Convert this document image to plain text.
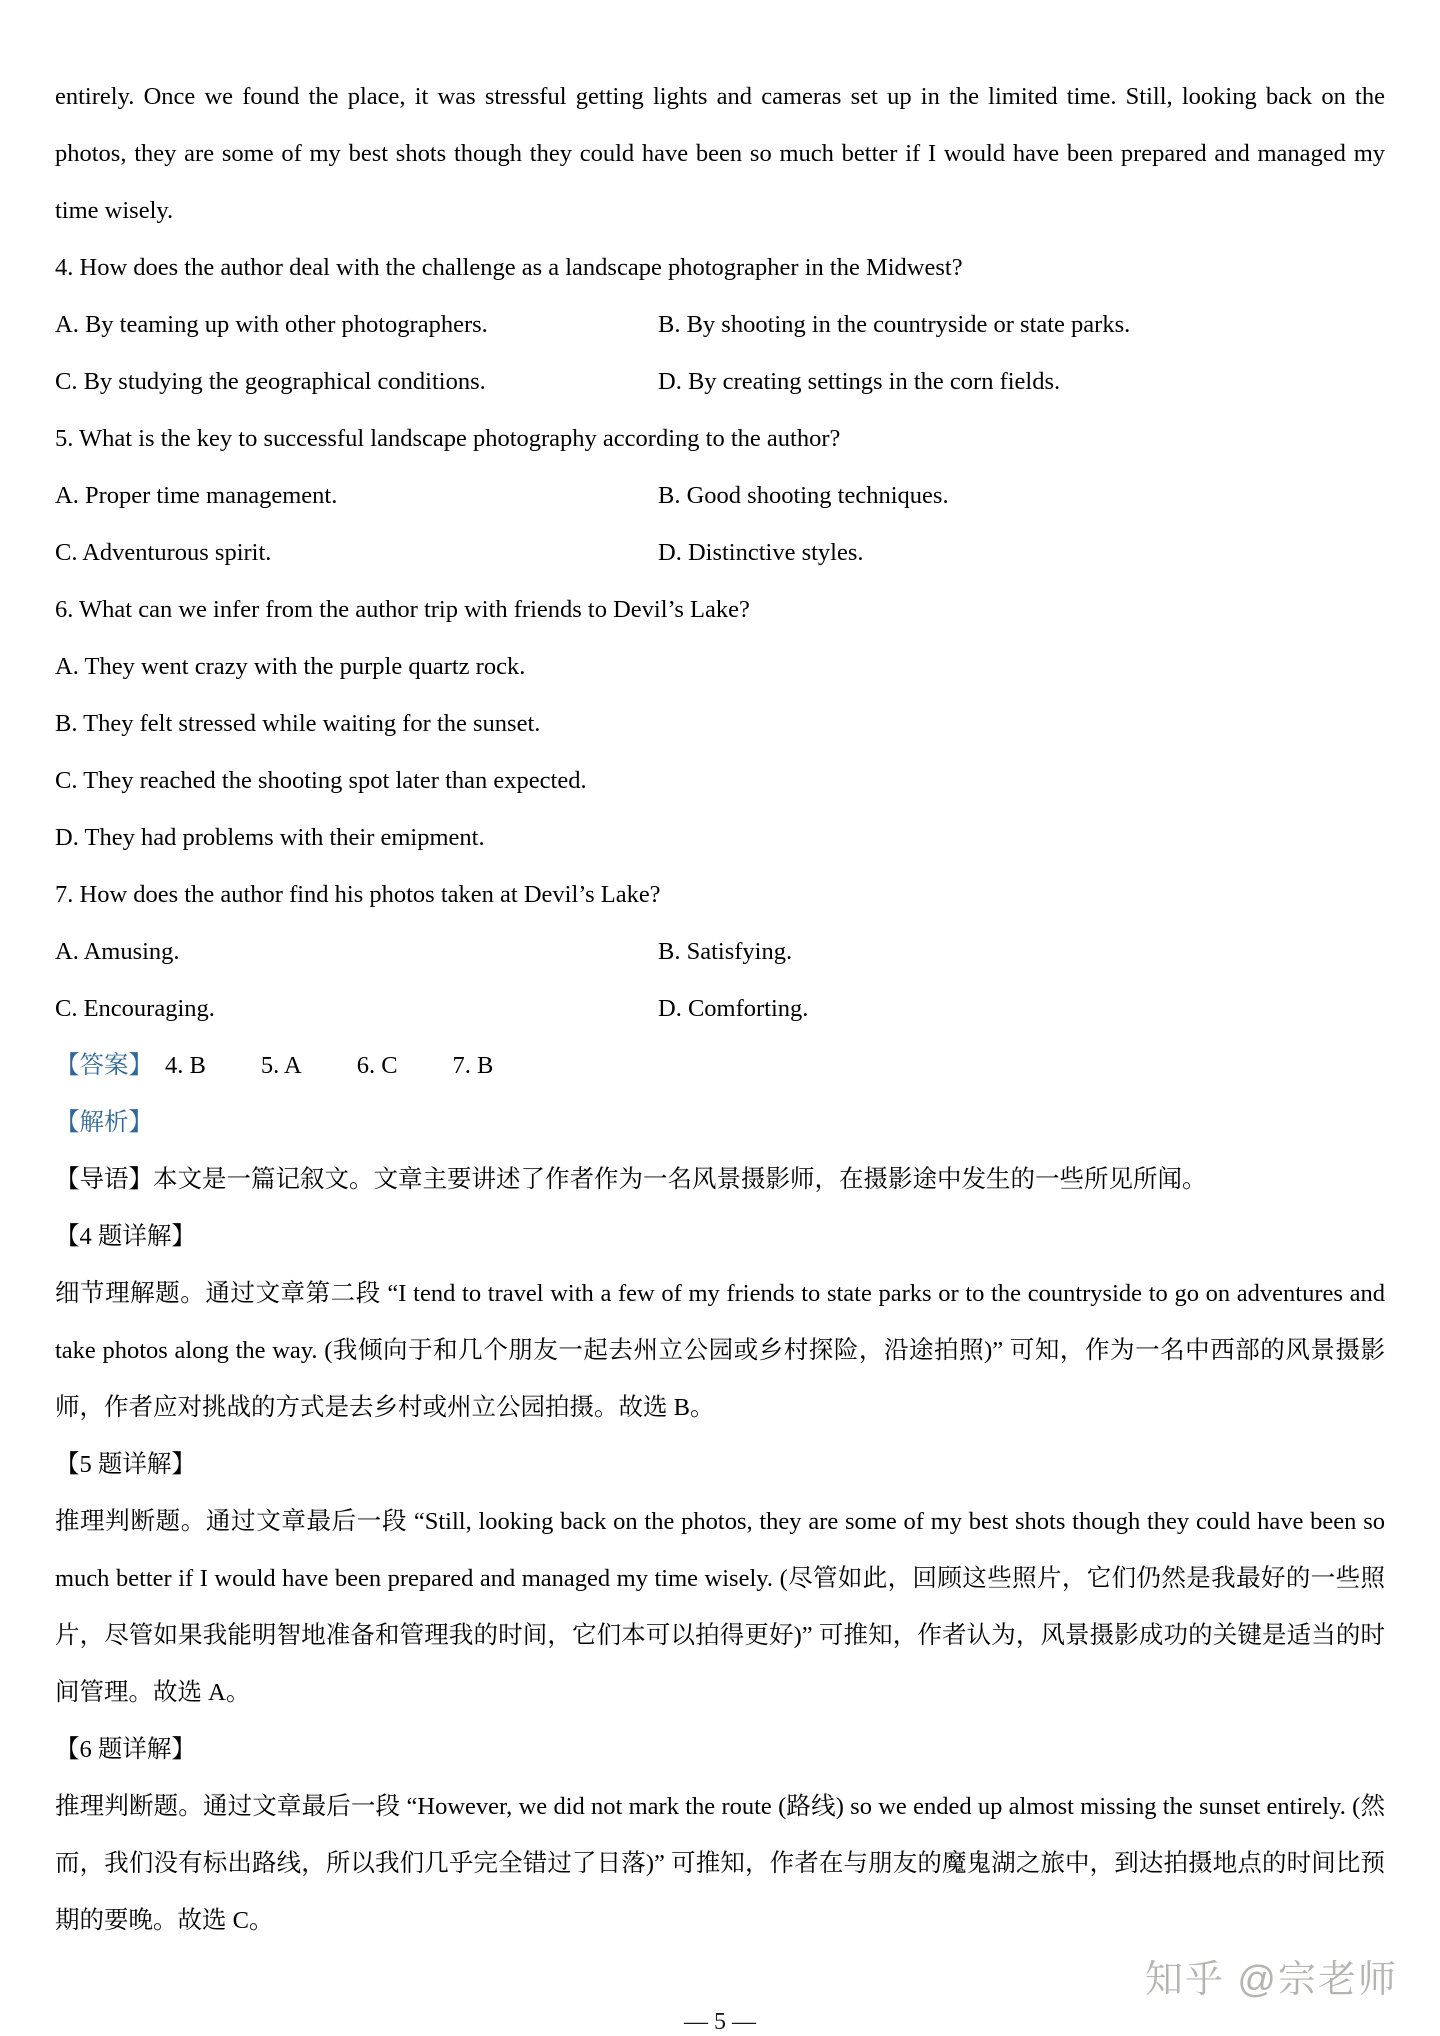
entirely. Once we found the place, it was stressful getting lights and cameras set up in the limited time. Still, looking back on the photos, they are some of my best shots though they could have been so much better if I would have been prepared and managed my time wisely.

4. How does the author deal with the challenge as a landscape photographer in the Midwest?
A. By teaming up with other photographers.	B. By shooting in the countryside or state parks.
C. By studying the geographical conditions.	D. By creating settings in the corn fields.
5. What is the key to successful landscape photography according to the author?
A. Proper time management.	B. Good shooting techniques.
C. Adventurous spirit.	D. Distinctive styles.
6. What can we infer from the author trip with friends to Devil’s Lake?
A. They went crazy with the purple quartz rock.
B. They felt stressed while waiting for the sunset.
C. They reached the shooting spot later than expected.
D. They had problems with their emipment.
7. How does the author find his photos taken at Devil’s Lake?
A. Amusing.	B. Satisfying.
C. Encouraging.	D. Comforting.
【答案】 4. B 5. A 6. C 7. B
【解析】
【导语】本文是一篇记叙文。文章主要讲述了作者作为一名风景摄影师，在摄影途中发生的一些所见所闻。
【4 题详解】

细节理解题。通过文章第二段 “I tend to travel with a few of my friends to state parks or to the countryside to go on adventures and take photos along the way. (我倾向于和几个朋友一起去州立公园或乡村探险，沿途拍照)” 可知，作为一名中西部的风景摄影师，作者应对挑战的方式是去乡村或州立公园拍摄。故选 B。

【5 题详解】

推理判断题。通过文章最后一段 “Still, looking back on the photos, they are some of my best shots though they could have been so much better if I would have been prepared and managed my time wisely. (尽管如此，回顾这些照片，它们仍然是我最好的一些照片，尽管如果我能明智地准备和管理我的时间，它们本可以拍得更好)” 可推知，作者认为，风景摄影成功的关键是适当的时间管理。故选 A。

【6 题详解】

推理判断题。通过文章最后一段 “However, we did not mark the route (路线) so we ended up almost missing the sunset entirely. (然而，我们没有标出路线，所以我们几乎完全错过了日落)” 可推知，作者在与朋友的魔鬼湖之旅中，到达拍摄地点的时间比预期的要晚。故选 C。

知乎 @宗老师
— 5 —
